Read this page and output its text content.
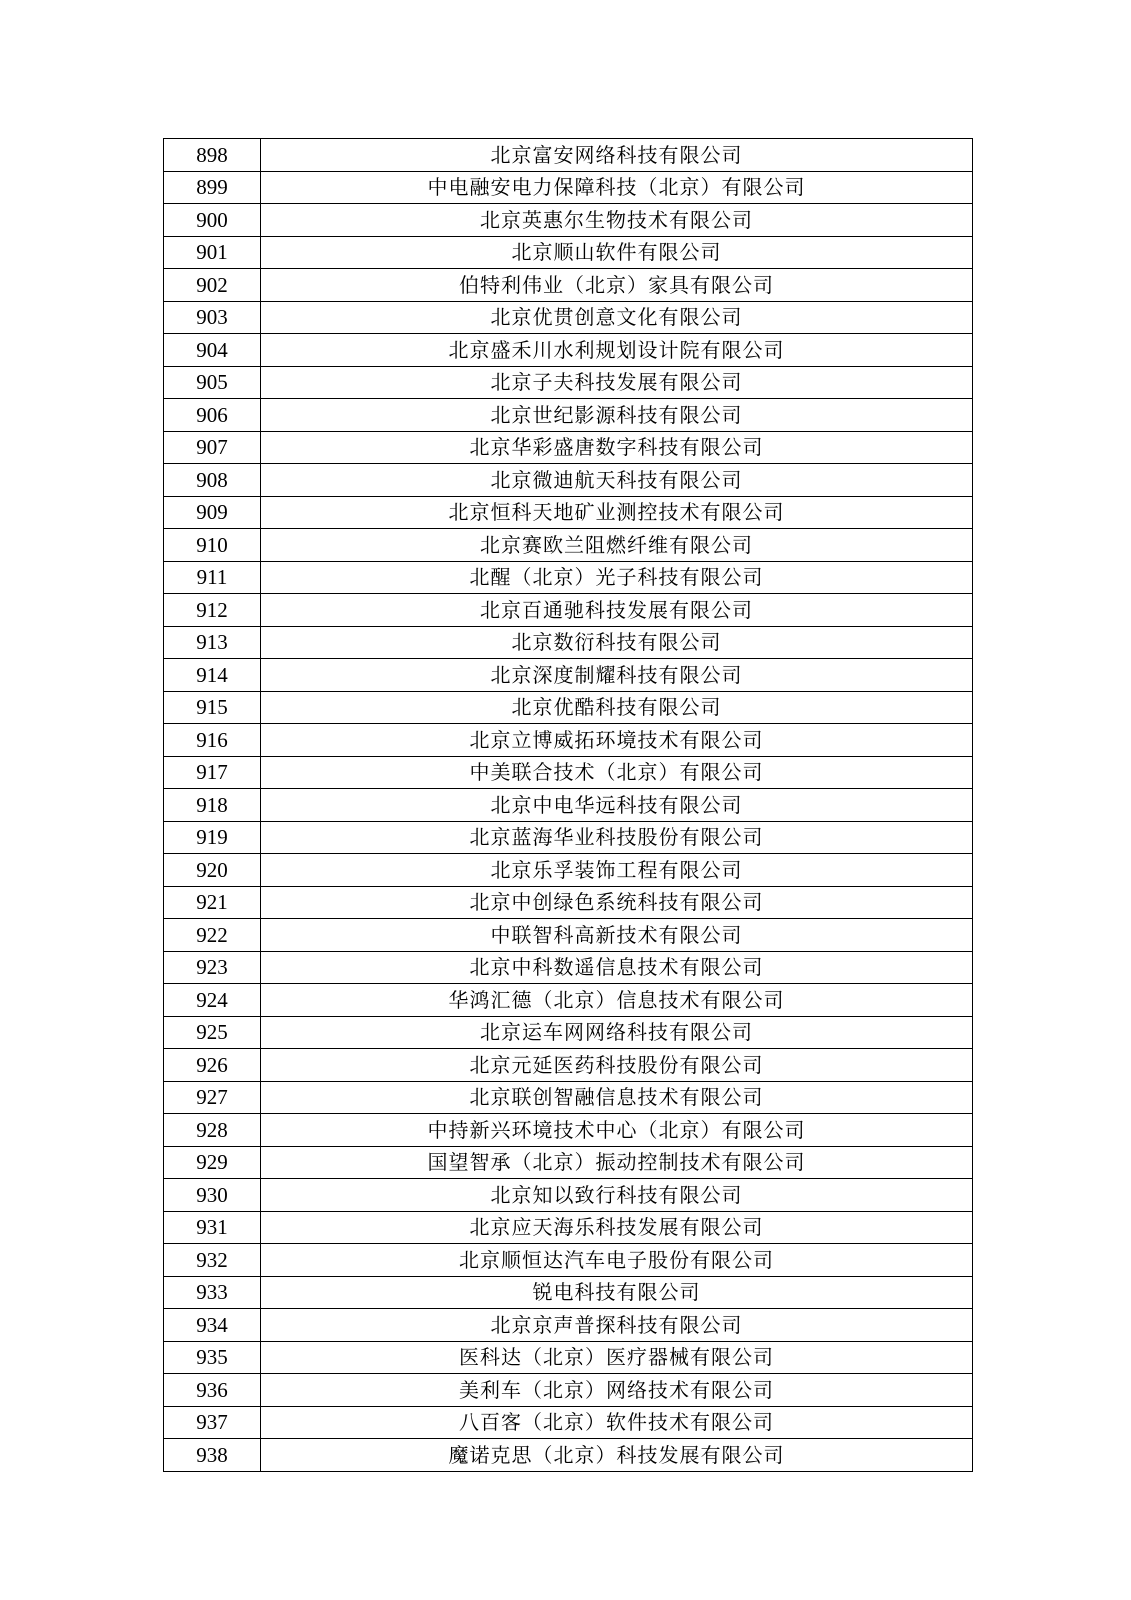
898	北京富安网络科技有限公司
899	中电融安电力保障科技（北京）有限公司
900	北京英惠尔生物技术有限公司
901	北京顺山软件有限公司
902	伯特利伟业（北京）家具有限公司
903	北京优贯创意文化有限公司
904	北京盛禾川水利规划设计院有限公司
905	北京子夫科技发展有限公司
906	北京世纪影源科技有限公司
907	北京华彩盛唐数字科技有限公司
908	北京微迪航天科技有限公司
909	北京恒科天地矿业测控技术有限公司
910	北京赛欧兰阻燃纤维有限公司
911	北醒（北京）光子科技有限公司
912	北京百通驰科技发展有限公司
913	北京数衍科技有限公司
914	北京深度制耀科技有限公司
915	北京优酷科技有限公司
916	北京立博威拓环境技术有限公司
917	中美联合技术（北京）有限公司
918	北京中电华远科技有限公司
919	北京蓝海华业科技股份有限公司
920	北京乐孚装饰工程有限公司
921	北京中创绿色系统科技有限公司
922	中联智科高新技术有限公司
923	北京中科数遥信息技术有限公司
924	华鸿汇德（北京）信息技术有限公司
925	北京运车网网络科技有限公司
926	北京元延医药科技股份有限公司
927	北京联创智融信息技术有限公司
928	中持新兴环境技术中心（北京）有限公司
929	国望智承（北京）振动控制技术有限公司
930	北京知以致行科技有限公司
931	北京应天海乐科技发展有限公司
932	北京顺恒达汽车电子股份有限公司
933	锐电科技有限公司
934	北京京声普探科技有限公司
935	医科达（北京）医疗器械有限公司
936	美利车（北京）网络技术有限公司
937	八百客（北京）软件技术有限公司
938	魔诺克思（北京）科技发展有限公司
